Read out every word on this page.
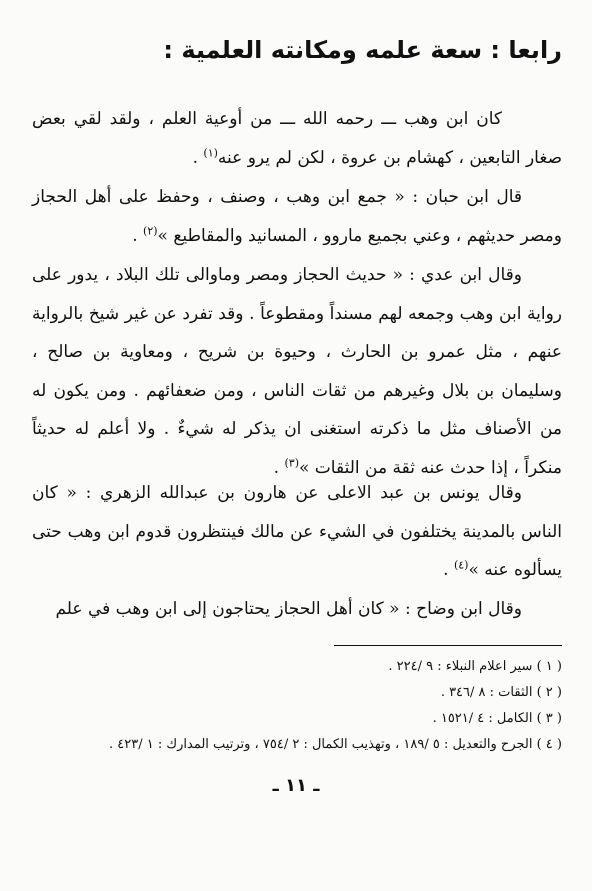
رابعا : سعة علمه ومكانته العلمية :

كان ابن وهب ـــ رحمه الله ـــ من أوعية العلم ، ولقد لقي بعض صغار التابعين ، كهشام بن عروة ، لكن لم يرو عنه$^{(١)}$ .

قال ابن حبان : « جمع ابن وهب ، وصنف ، وحفظ على أهل الحجاز ومصر حديثهم ، وعني بجميع ماروو ، المسانيد والمقاطيع »$^{(٢)}$ .

وقال ابن عدي : « حديث الحجاز ومصر وماوالى تلك البلاد ، يدور على رواية ابن وهب وجمعه لهم مسنداً ومقطوعاً . وقد تفرد عن غير شيخ بالرواية عنهم ، مثل عمرو بن الحارث ، وحيوة بن شريح ، ومعاوية بن صالح ، وسليمان بن بلال وغيرهم من ثقات الناس ، ومن ضعفائهم . ومن يكون له من الأصناف مثل ما ذكرته استغنى ان يذكر له شيءٌ . ولا أعلم له حديثاً منكراً ، إذا حدث عنه ثقة من الثقات »$^{(٣)}$ .

وقال يونس بن عبد الاعلى عن هارون بن عبدالله الزهري : « كان الناس بالمدينة يختلفون في الشيء عن مالك فينتظرون قدوم ابن وهب حتى يسألوه عنه »$^{(٤)}$ .

وقال ابن وضاح : « كان أهل الحجاز يحتاجون إلى ابن وهب في علم

( ١ ) سير اعلام النبلاء : ٩ /٢٢٤ .
( ٢ ) الثقات : ٨ /٣٤٦ .
( ٣ ) الكامل : ٤ /١٥٢١ .
( ٤ ) الجرح والتعديل : ٥ /١٨٩ ، وتهذيب الكمال : ٢ /٧٥٤ ، وترتيب المدارك : ١ /٤٢٣ .
ـ ١١ ـ
